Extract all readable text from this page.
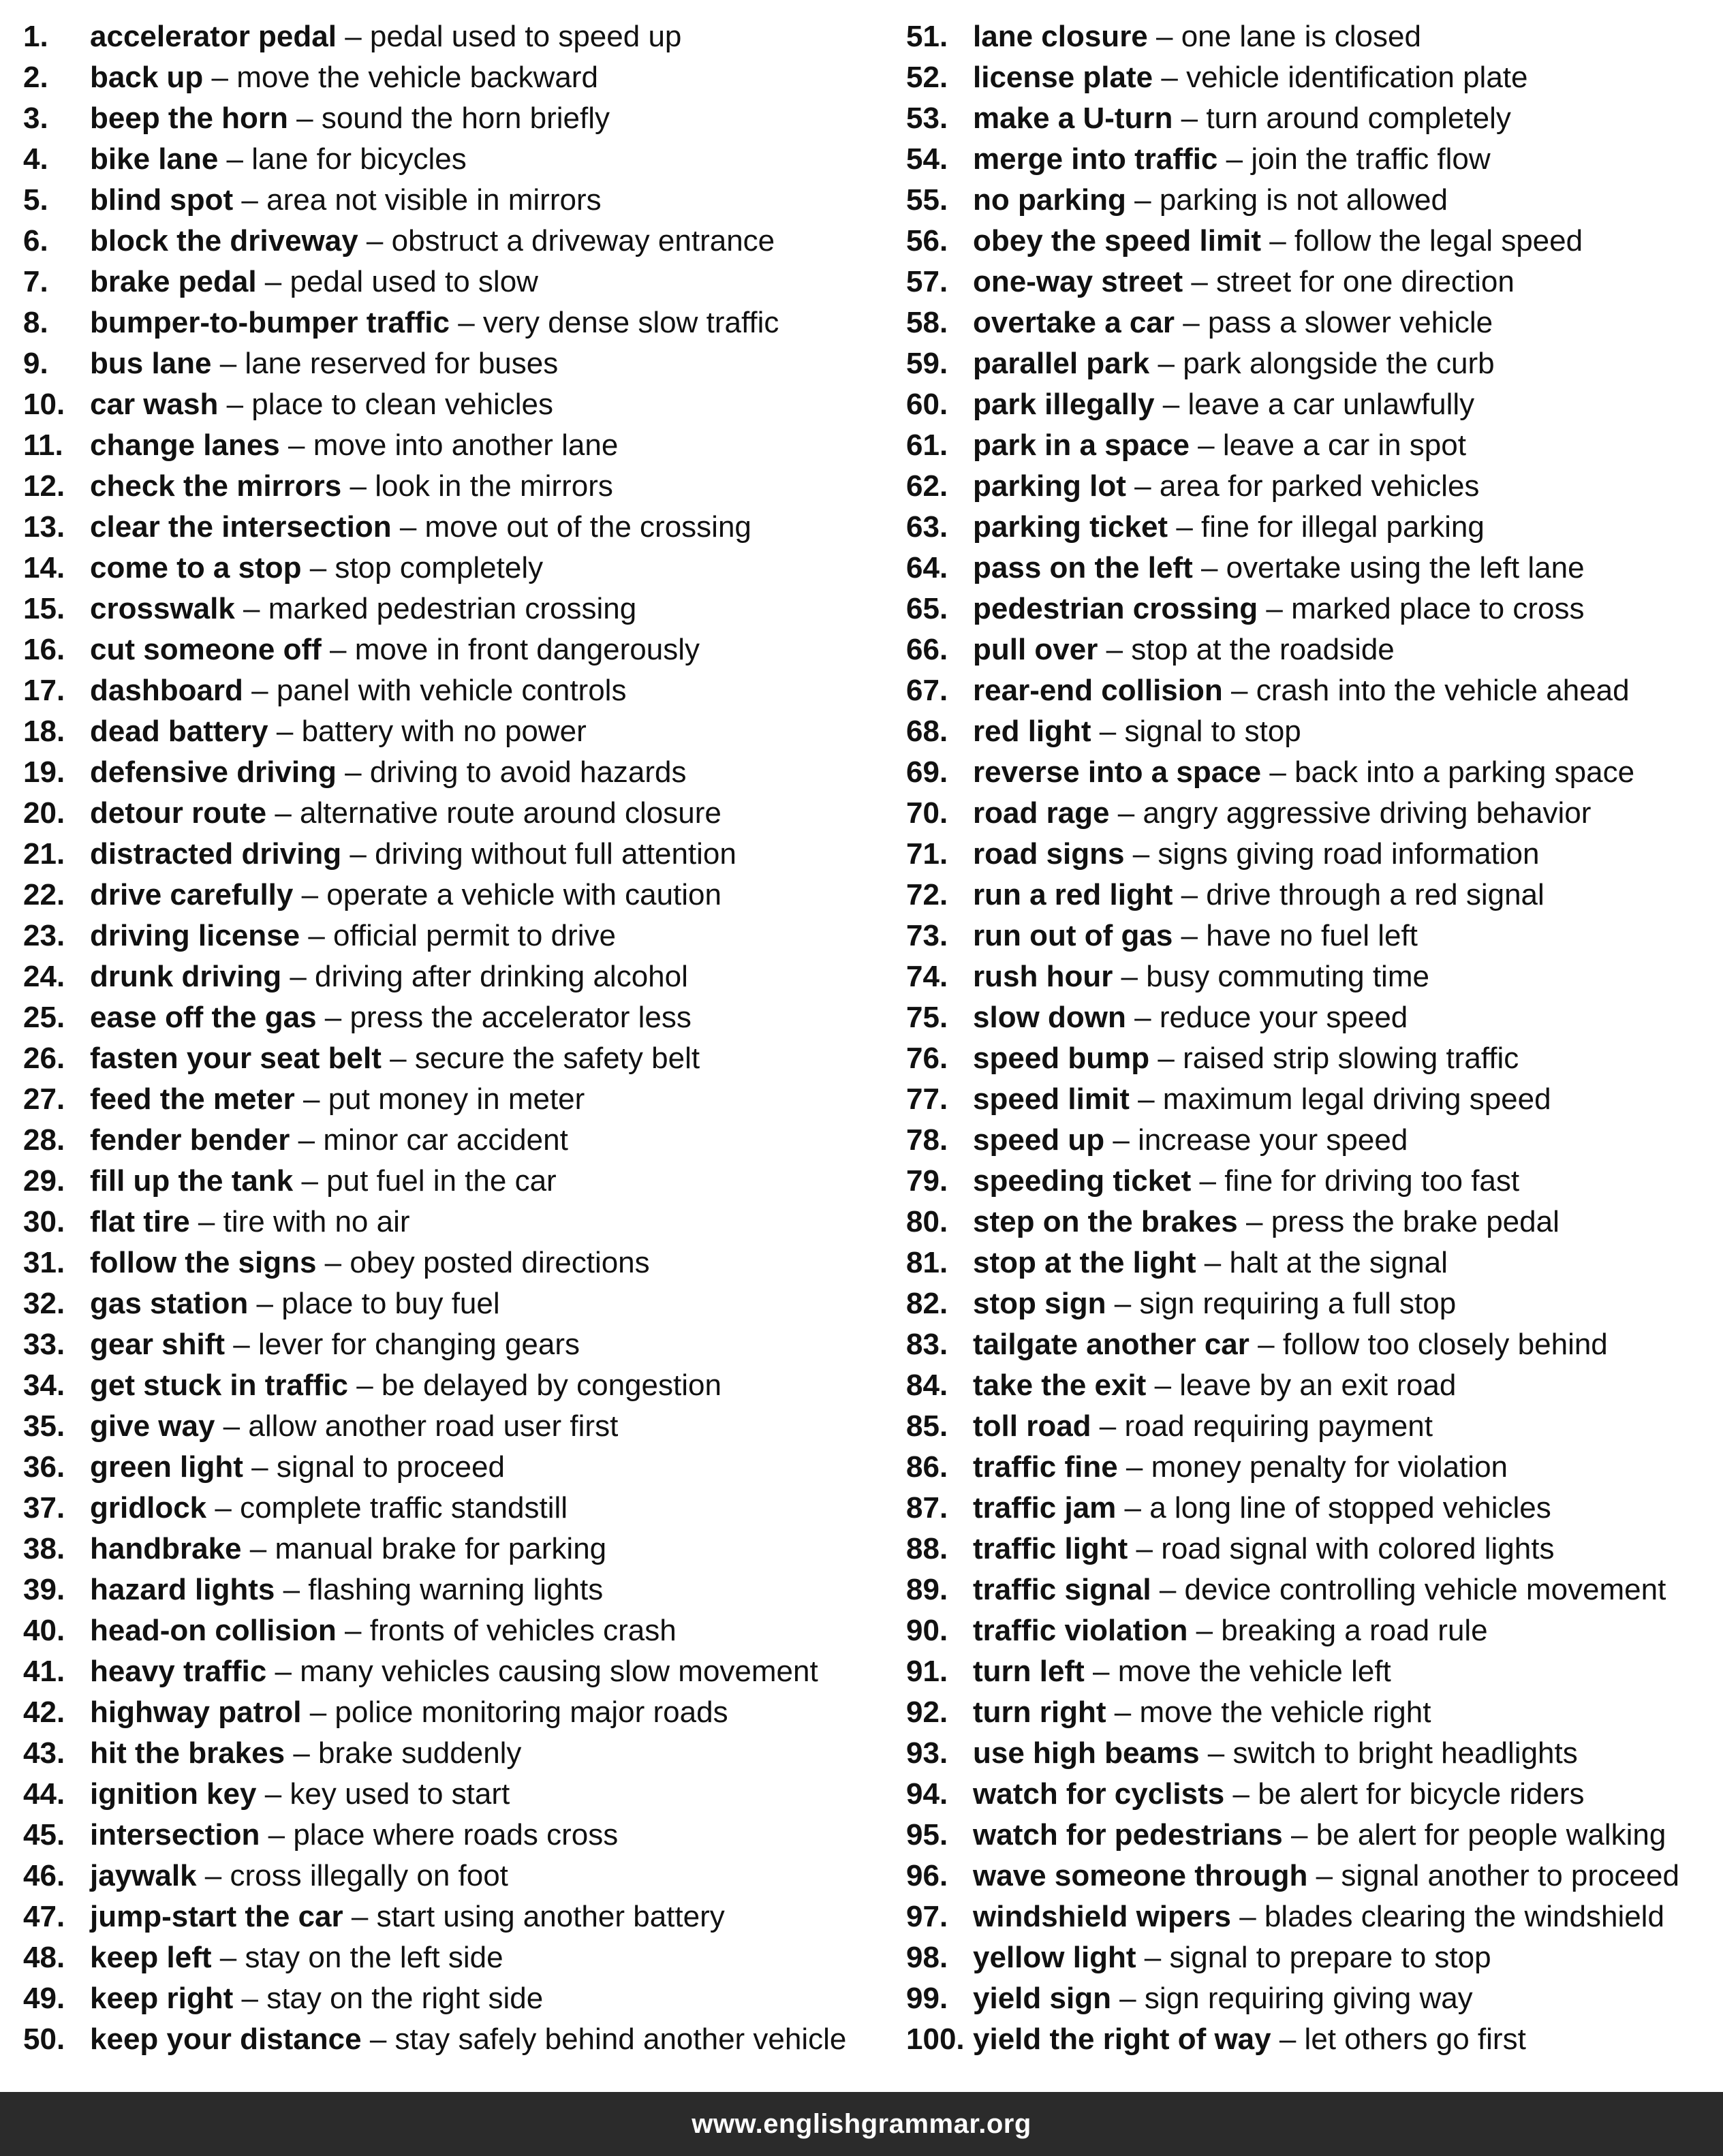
1. accelerator pedal – pedal used to speed up
2. back up – move the vehicle backward
3. beep the horn – sound the horn briefly
4. bike lane – lane for bicycles
5. blind spot – area not visible in mirrors
6. block the driveway – obstruct a driveway entrance
7. brake pedal – pedal used to slow
8. bumper-to-bumper traffic – very dense slow traffic
9. bus lane – lane reserved for buses
10. car wash – place to clean vehicles
11. change lanes – move into another lane
12. check the mirrors – look in the mirrors
13. clear the intersection – move out of the crossing
14. come to a stop – stop completely
15. crosswalk – marked pedestrian crossing
16. cut someone off – move in front dangerously
17. dashboard – panel with vehicle controls
18. dead battery – battery with no power
19. defensive driving – driving to avoid hazards
20. detour route – alternative route around closure
21. distracted driving – driving without full attention
22. drive carefully – operate a vehicle with caution
23. driving license – official permit to drive
24. drunk driving – driving after drinking alcohol
25. ease off the gas – press the accelerator less
26. fasten your seat belt – secure the safety belt
27. feed the meter – put money in meter
28. fender bender – minor car accident
29. fill up the tank – put fuel in the car
30. flat tire – tire with no air
31. follow the signs – obey posted directions
32. gas station – place to buy fuel
33. gear shift – lever for changing gears
34. get stuck in traffic – be delayed by congestion
35. give way – allow another road user first
36. green light – signal to proceed
37. gridlock – complete traffic standstill
38. handbrake – manual brake for parking
39. hazard lights – flashing warning lights
40. head-on collision – fronts of vehicles crash
41. heavy traffic – many vehicles causing slow movement
42. highway patrol – police monitoring major roads
43. hit the brakes – brake suddenly
44. ignition key – key used to start
45. intersection – place where roads cross
46. jaywalk – cross illegally on foot
47. jump-start the car – start using another battery
48. keep left – stay on the left side
49. keep right – stay on the right side
50. keep your distance – stay safely behind another vehicle
51. lane closure – one lane is closed
52. license plate – vehicle identification plate
53. make a U-turn – turn around completely
54. merge into traffic – join the traffic flow
55. no parking – parking is not allowed
56. obey the speed limit – follow the legal speed
57. one-way street – street for one direction
58. overtake a car – pass a slower vehicle
59. parallel park – park alongside the curb
60. park illegally – leave a car unlawfully
61. park in a space – leave a car in spot
62. parking lot – area for parked vehicles
63. parking ticket – fine for illegal parking
64. pass on the left – overtake using the left lane
65. pedestrian crossing – marked place to cross
66. pull over – stop at the roadside
67. rear-end collision – crash into the vehicle ahead
68. red light – signal to stop
69. reverse into a space – back into a parking space
70. road rage – angry aggressive driving behavior
71. road signs – signs giving road information
72. run a red light – drive through a red signal
73. run out of gas – have no fuel left
74. rush hour – busy commuting time
75. slow down – reduce your speed
76. speed bump – raised strip slowing traffic
77. speed limit – maximum legal driving speed
78. speed up – increase your speed
79. speeding ticket – fine for driving too fast
80. step on the brakes – press the brake pedal
81. stop at the light – halt at the signal
82. stop sign – sign requiring a full stop
83. tailgate another car – follow too closely behind
84. take the exit – leave by an exit road
85. toll road – road requiring payment
86. traffic fine – money penalty for violation
87. traffic jam – a long line of stopped vehicles
88. traffic light – road signal with colored lights
89. traffic signal – device controlling vehicle movement
90. traffic violation – breaking a road rule
91. turn left – move the vehicle left
92. turn right – move the vehicle right
93. use high beams – switch to bright headlights
94. watch for cyclists – be alert for bicycle riders
95. watch for pedestrians – be alert for people walking
96. wave someone through – signal another to proceed
97. windshield wipers – blades clearing the windshield
98. yellow light – signal to prepare to stop
99. yield sign – sign requiring giving way
100. yield the right of way – let others go first
www.englishgrammar.org
